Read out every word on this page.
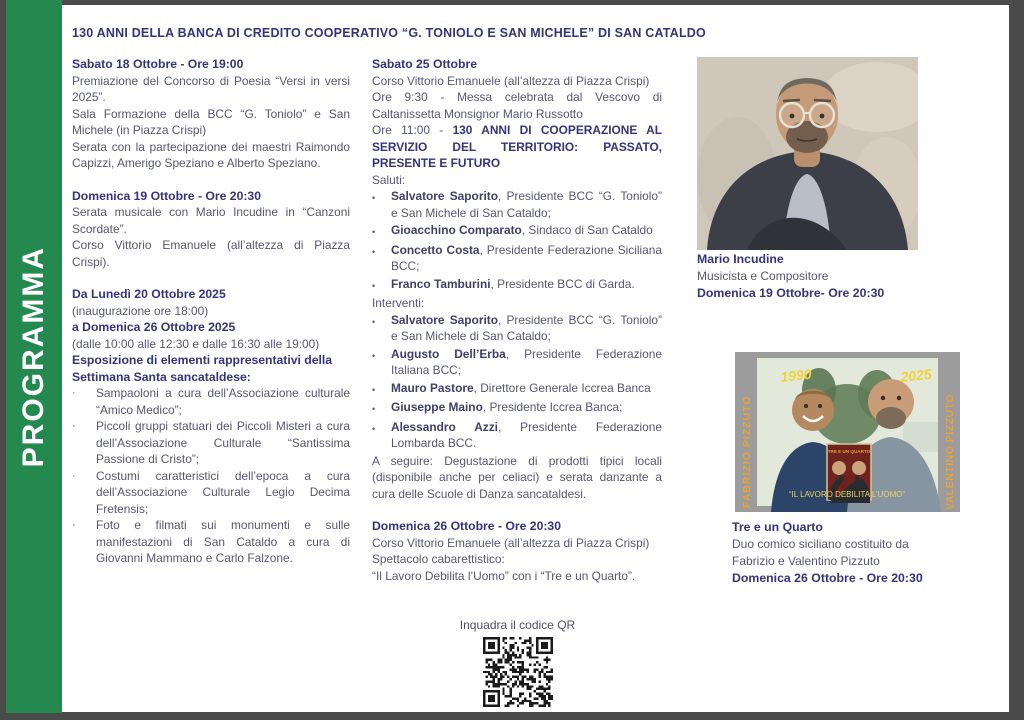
PROGRAMMA
130 ANNI DELLA BANCA DI CREDITO COOPERATIVO “G. TONIOLO E SAN MICHELE” DI SAN CATALDO
Sabato 18 Ottobre - Ore 19:00

Premiazione del Concorso di Poesia “Versi in versi 2025”.

Sala Formazione della BCC “G. Toniolo” e San Michele (in Piazza Crispi)

Serata con la partecipazione dei maestri Raimondo Capizzi, Amerigo Speziano e Alberto Speziano.

Domenica 19 Ottobre - Ore 20:30

Serata musicale con Mario Incudine in “Canzoni Scordate”.

Corso Vittorio Emanuele (all’altezza di Piazza Crispi).

Da Lunedì 20 Ottobre 2025

(inaugurazione ore 18:00)

a Domenica 26 Ottobre 2025

(dalle 10:00 alle 12:30 e dalle 16:30 alle 19:00)

Esposizione di elementi rappresentativi della Settimana Santa sancataldese:
·	Sampaoloni a cura dell’Associazione culturale “Amico Medico”;
·	Piccoli gruppi statuari dei Piccoli Misteri a cura dell’Associazione Culturale “Santissima Passione di Cristo”;
·	Costumi caratteristici dell’epoca a cura dell’Associazione Culturale Legio Decima Fretensis;
·	Foto e filmati sui monumenti e sulle manifestazioni di San Cataldo a cura di Giovanni Mammano e Carlo Falzone.
Sabato 25 Ottobre

Corso Vittorio Emanuele (all’altezza di Piazza Crispi)

Ore 9:30 - Messa celebrata dal Vescovo di Caltanissetta Monsignor Mario Russotto

Ore 11:00 - 130 ANNI DI COOPERAZIONE AL SERVIZIO DEL TERRITORIO: PASSATO, PRESENTE E FUTURO

Saluti:

•	Salvatore Saporito, Presidente BCC “G. Toniolo” e San Michele di San Cataldo;
•	Gioacchino Comparato, Sindaco di San Cataldo
•	Concetto Costa, Presidente Federazione Siciliana BCC;
•	Franco Tamburini, Presidente BCC di Garda.

Interventi:

•	Salvatore Saporito, Presidente BCC “G. Toniolo” e San Michele di San Cataldo;
•	Augusto Dell’Erba, Presidente Federazione Italiana BCC;
•	Mauro Pastore, Direttore Generale Iccrea Banca
•	Giuseppe Maino, Presidente Iccrea Banca;
•	Alessandro Azzi, Presidente Federazione Lombarda BCC.

A seguire: Degustazione di prodotti tipici locali (disponibile anche per celiaci) e serata danzante a cura delle Scuole di Danza sancataldesi.

Domenica 26 Ottobre - Ore 20:30

Corso Vittorio Emanuele (all’altezza di Piazza Crispi)

Spettacolo cabarettistico:

“Il Lavoro Debilita l’Uomo” con i “Tre e un Quarto”.

Mario Incudine
Musicista e Compositore
Domenica 19 Ottobre- Ore 20:30
TRE E UN QUARTO
1990	2025
FABRIZIO PIZZUTO	VALENTINO PIZZUTO
“IL LAVORO DEBILITA L’UOMO”
Tre e un Quarto
Duo comico siciliano costituito da
Fabrizio e Valentino Pizzuto
Domenica 26 Ottobre - Ore 20:30
Inquadra il codice QR
